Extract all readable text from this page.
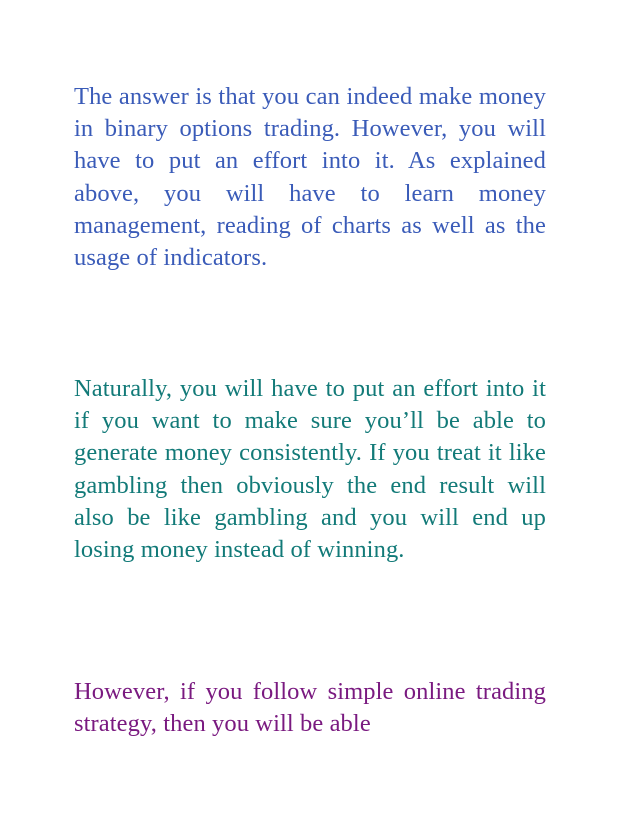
The answer is that you can indeed make money in binary options trading. However, you will have to put an effort into it. As explained above, you will have to learn money management, reading of charts as well as the usage of indicators.

Naturally, you will have to put an effort into it if you want to make sure you’ll be able to generate money consistently. If you treat it like gambling then obviously the end result will also be like gambling and you will end up losing money instead of winning.

However, if you follow simple online trading strategy, then you will be able
